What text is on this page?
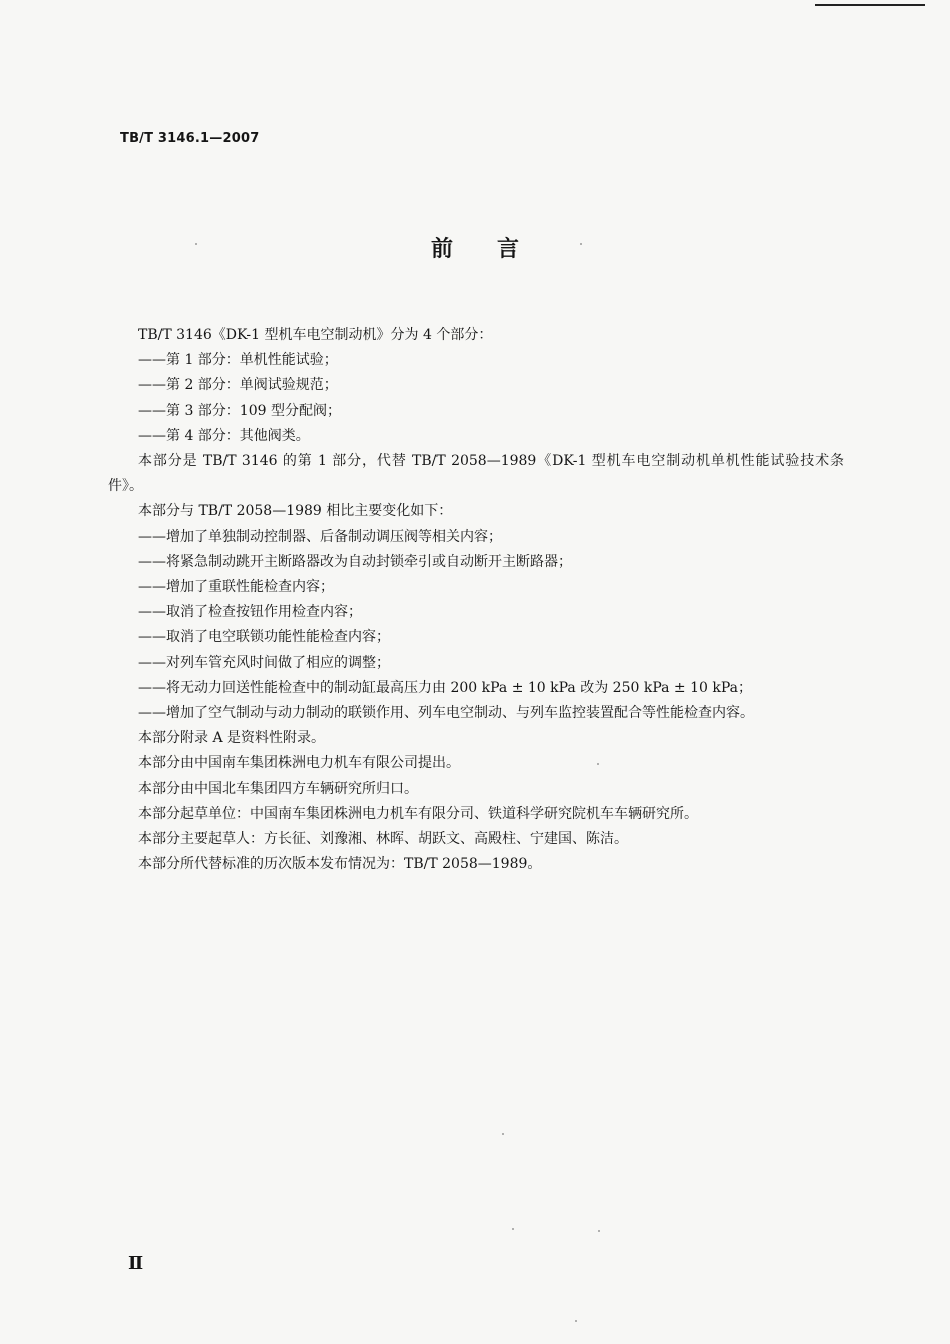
TB/T 3146.1—2007
前言

TB/T 3146《DK-1 型机车电空制动机》分为 4 个部分：

——第 1 部分：单机性能试验；

——第 2 部分：单阀试验规范；

——第 3 部分：109 型分配阀；

——第 4 部分：其他阀类。

本部分是 TB/T 3146 的第 1 部分，代替 TB/T 2058—1989《DK-1 型机车电空制动机单机性能试验技术条件》。

本部分与 TB/T 2058—1989 相比主要变化如下：

——增加了单独制动控制器、后备制动调压阀等相关内容；

——将紧急制动跳开主断路器改为自动封锁牵引或自动断开主断路器；

——增加了重联性能检查内容；

——取消了检查按钮作用检查内容；

——取消了电空联锁功能性能检查内容；

——对列车管充风时间做了相应的调整；

——将无动力回送性能检查中的制动缸最高压力由 200 kPa ± 10 kPa 改为 250 kPa ± 10 kPa；

——增加了空气制动与动力制动的联锁作用、列车电空制动、与列车监控装置配合等性能检查内容。

本部分附录 A 是资料性附录。

本部分由中国南车集团株洲电力机车有限公司提出。

本部分由中国北车集团四方车辆研究所归口。

本部分起草单位：中国南车集团株洲电力机车有限分司、铁道科学研究院机车车辆研究所。

本部分主要起草人：方长征、刘豫湘、林晖、胡跃文、高殿柱、宁建国、陈洁。

本部分所代替标准的历次版本发布情况为：TB/T 2058—1989。

Ⅱ
